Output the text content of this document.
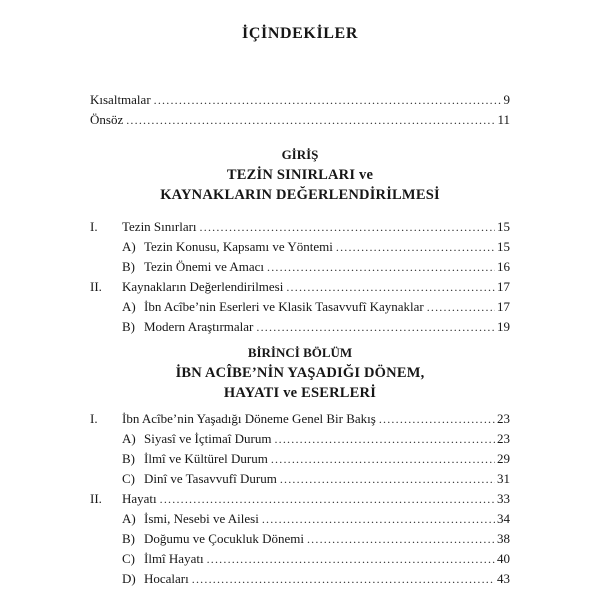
İÇİNDEKİLER
Kısaltmalar .....	9
Önsöz .....	11
GİRİŞ
TEZİN SINIRLARI ve
KAYNAKLARIN DEĞERLENDİRİLMESİ
I.	Tezin Sınırları .....	15
A) Tezin Konusu, Kapsamı ve Yöntemi .....	15
B) Tezin Önemi ve Amacı .....	16
II.	Kaynakların Değerlendirilmesi .....	17
A) İbn Acîbe’nin Eserleri ve Klasik Tasavvufî Kaynaklar .....	17
B) Modern Araştırmalar .....	19
BİRİNCİ BÖLÜM
İBN ACÎBE’NİN YAŞADIĞI DÖNEM,
HAYATI ve ESERLERİ
I.	İbn Acîbe’nin Yaşadığı Döneme Genel Bir Bakış .....	23
A) Siyasî ve İçtimaî Durum .....	23
B) İlmî ve Kültürel Durum .....	29
C) Dinî ve Tasavvufî Durum .....	31
II.	Hayatı .....	33
A) İsmi, Nesebi ve Ailesi .....	34
B) Doğumu ve Çocukluk Dönemi .....	38
C) İlmî Hayatı .....	40
D) Hocaları .....	43
